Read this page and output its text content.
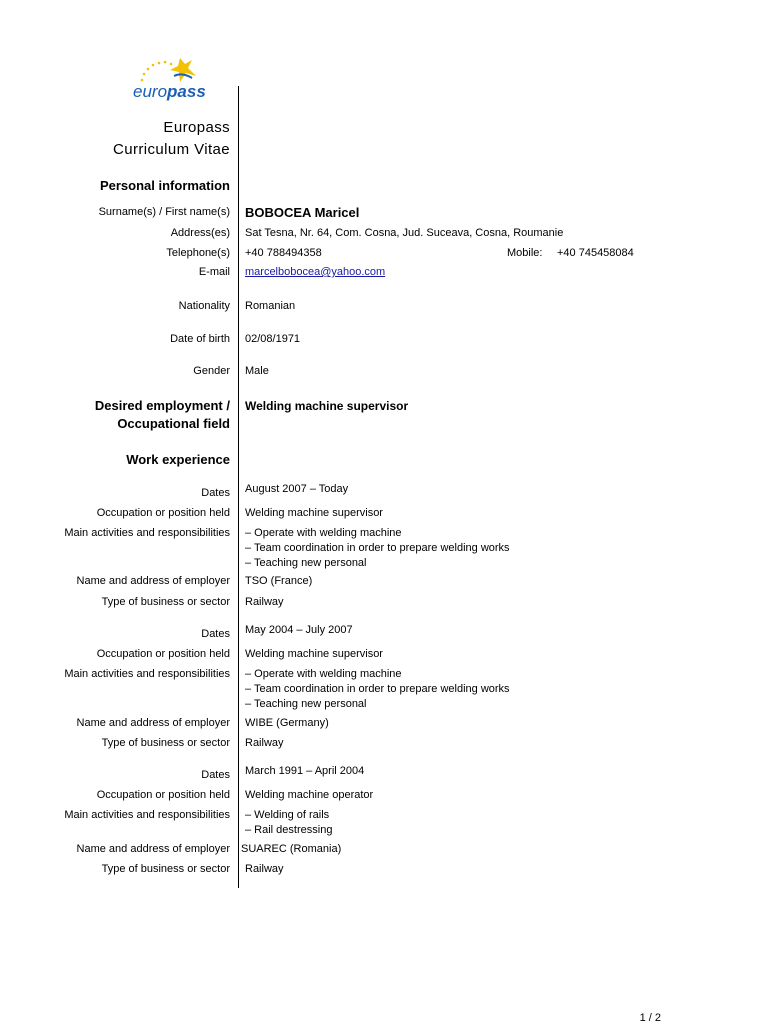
europass
Europass
Curriculum Vitae
Personal information
Surname(s) / First name(s) BOBOCEA Maricel
Address(es) Sat Tesna, Nr. 64, Com. Cosna, Jud. Suceava, Cosna, Roumanie
Telephone(s) +40 788494358	Mobile: +40 745458084
E-mail marcelbobocea@yahoo.com
Nationality Romanian
Date of birth 02/08/1971
Gender Male
Desired employment /
Occupational field
Welding machine supervisor
Work experience
Dates August 2007 – Today
Occupation or position held Welding machine supervisor
Main activities and responsibilities – Operate with welding machine
– Team coordination in order to prepare welding works
– Teaching new personal
Name and address of employer TSO (France)
Type of business or sector Railway
Dates May 2004 – July 2007
Occupation or position held Welding machine supervisor
Main activities and responsibilities – Operate with welding machine
– Team coordination in order to prepare welding works
– Teaching new personal
Name and address of employer WIBE (Germany)
Type of business or sector Railway
Dates March 1991 – April 2004
Occupation or position held Welding machine operator
Main activities and responsibilities – Welding of rails
– Rail destressing
Name and address of employer SUAREC (Romania)
Type of business or sector Railway
1 / 2
